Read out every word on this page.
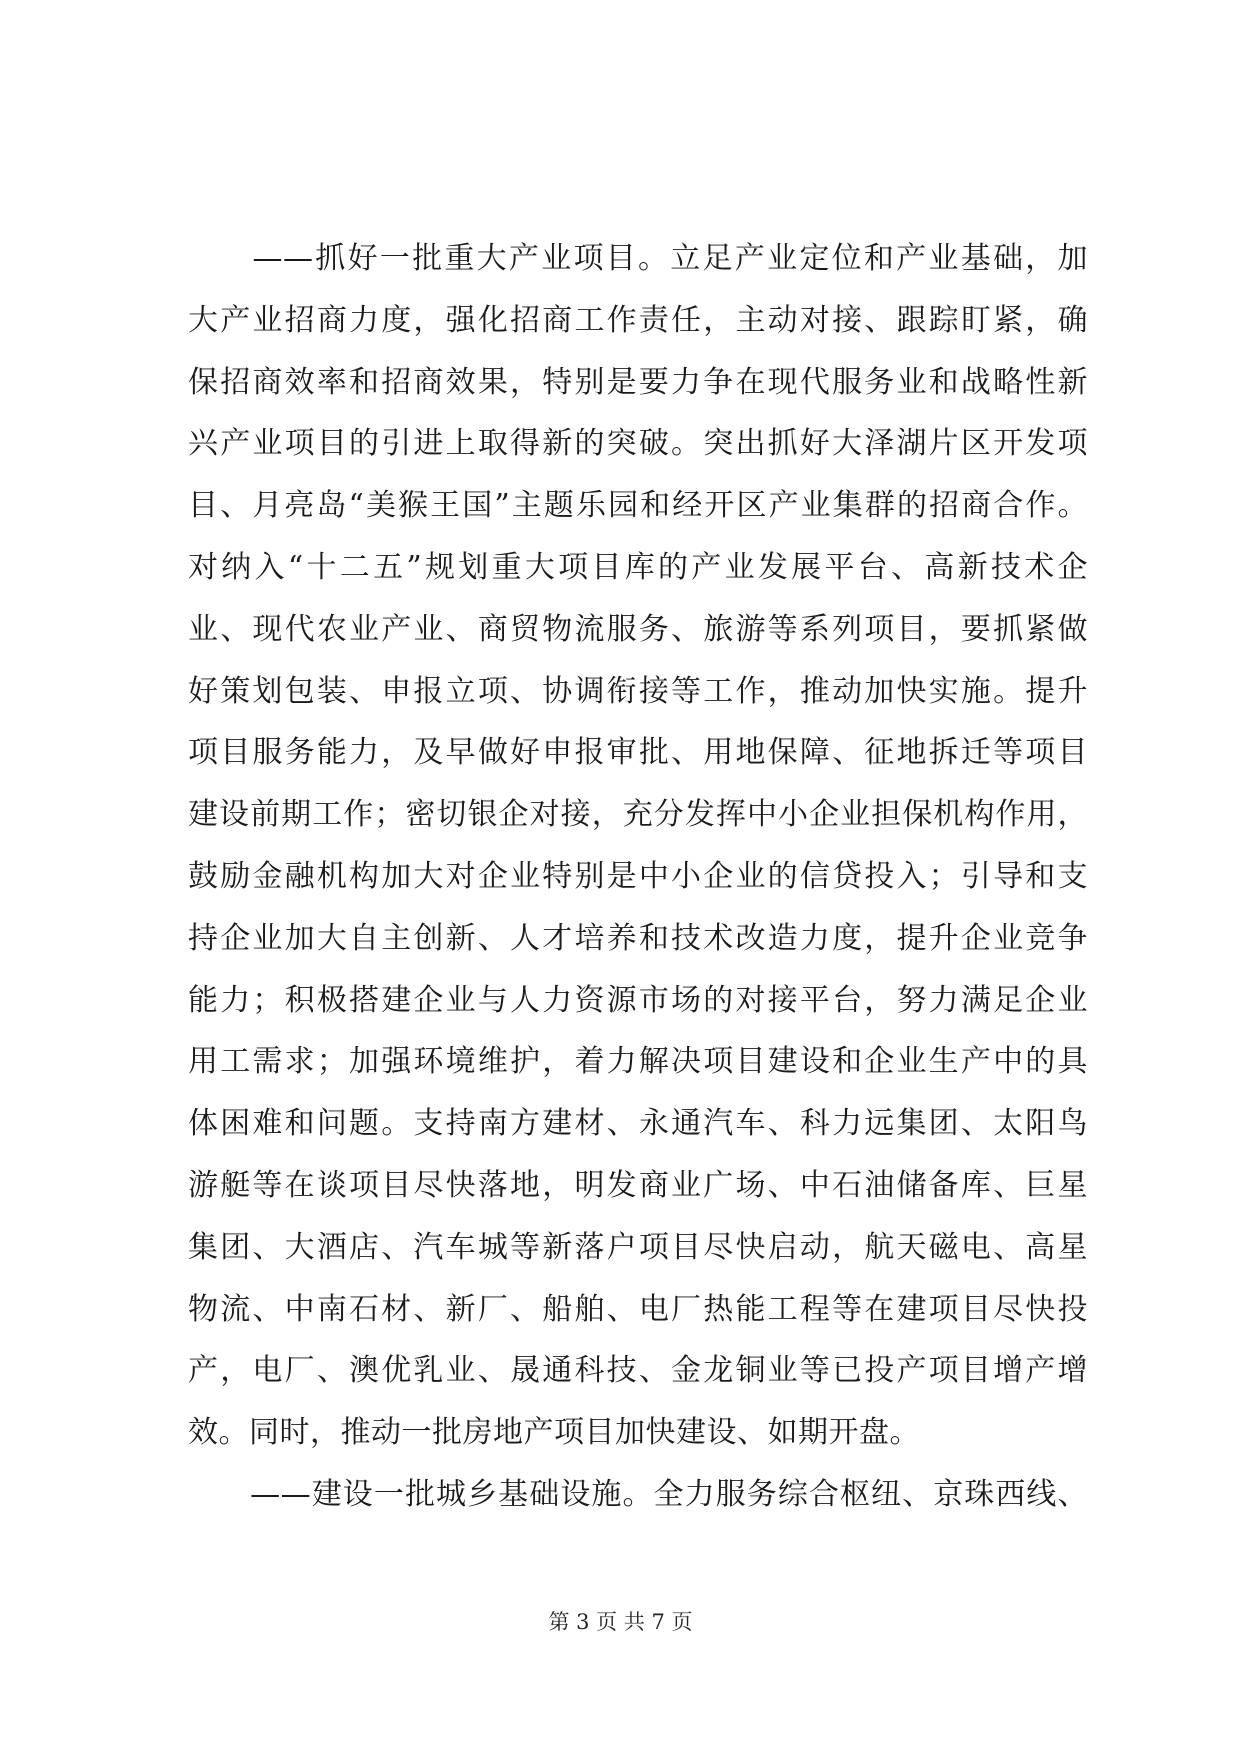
　　——抓好一批重大产业项目。立足产业定位和产业基础，加
大产业招商力度，强化招商工作责任，主动对接、跟踪盯紧，确
保招商效率和招商效果，特别是要力争在现代服务业和战略性新
兴产业项目的引进上取得新的突破。突出抓好大泽湖片区开发项
目、月亮岛“美猴王国”主题乐园和经开区产业集群的招商合作。
对纳入“十二五”规划重大项目库的产业发展平台、高新技术企
业、现代农业产业、商贸物流服务、旅游等系列项目，要抓紧做
好策划包装、申报立项、协调衔接等工作，推动加快实施。提升
项目服务能力，及早做好申报审批、用地保障、征地拆迁等项目
建设前期工作；密切银企对接，充分发挥中小企业担保机构作用，
鼓励金融机构加大对企业特别是中小企业的信贷投入；引导和支
持企业加大自主创新、人才培养和技术改造力度，提升企业竞争
能力；积极搭建企业与人力资源市场的对接平台，努力满足企业
用工需求；加强环境维护，着力解决项目建设和企业生产中的具
体困难和问题。支持南方建材、永通汽车、科力远集团、太阳鸟
游艇等在谈项目尽快落地，明发商业广场、中石油储备库、巨星
集团、大酒店、汽车城等新落户项目尽快启动，航天磁电、高星
物流、中南石材、新厂、船舶、电厂热能工程等在建项目尽快投
产，电厂、澳优乳业、晟通科技、金龙铜业等已投产项目增产增
效。同时，推动一批房地产项目加快建设、如期开盘。
　　——建设一批城乡基础设施。全力服务综合枢纽、京珠西线、
第 3 页 共 7 页
